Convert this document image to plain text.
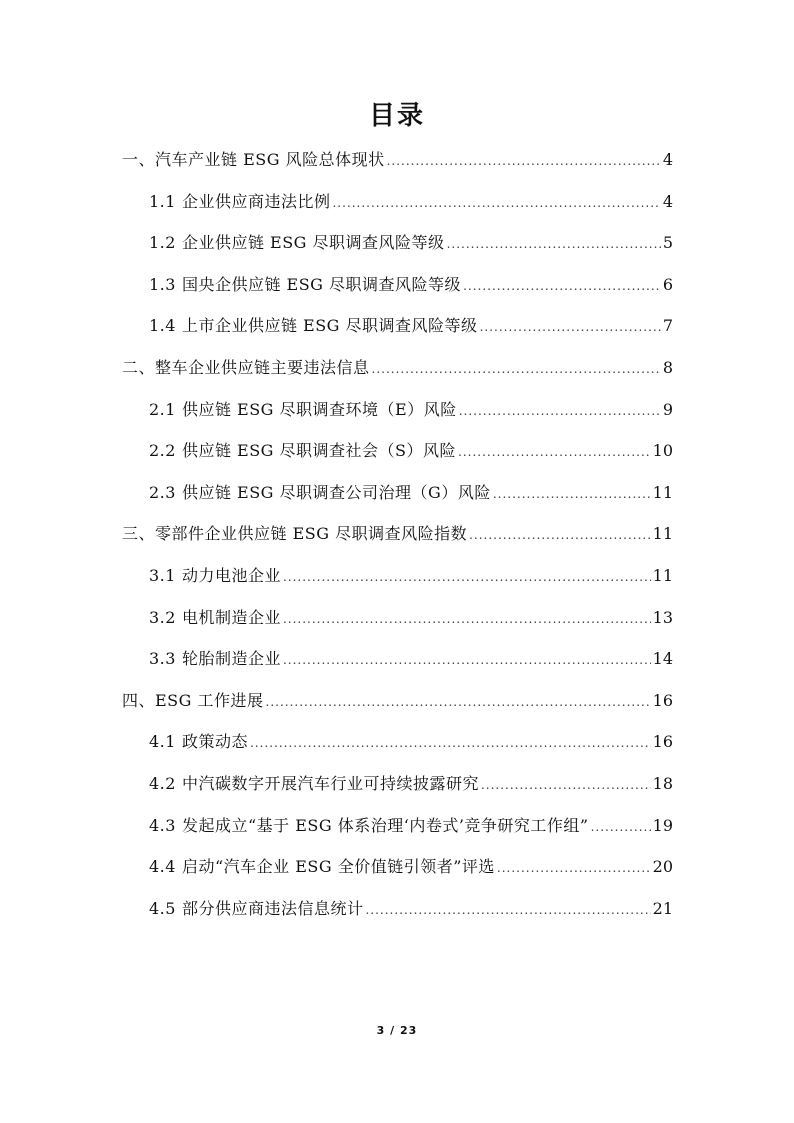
目录
一、汽车产业链 ESG 风险总体现状 .....	4
1.1 企业供应商违法比例 .....	4
1.2 企业供应链 ESG 尽职调查风险等级 .....	5
1.3 国央企供应链 ESG 尽职调查风险等级 .....	6
1.4 上市企业供应链 ESG 尽职调查风险等级 .....	7
二、整车企业供应链主要违法信息 .....	8
2.1 供应链 ESG 尽职调查环境（E）风险 .....	9
2.2 供应链 ESG 尽职调查社会（S）风险 .....	10
2.3 供应链 ESG 尽职调查公司治理（G）风险 .....	11
三、零部件企业供应链 ESG 尽职调查风险指数 .....	11
3.1 动力电池企业 .....	11
3.2 电机制造企业 .....	13
3.3 轮胎制造企业 .....	14
四、ESG 工作进展 .....	16
4.1 政策动态 .....	16
4.2 中汽碳数字开展汽车行业可持续披露研究 .....	18
4.3 发起成立“基于 ESG 体系治理‘内卷式’竞争研究工作组” .....	19
4.4 启动“汽车企业 ESG 全价值链引领者”评选 .....	20
4.5 部分供应商违法信息统计 .....	21
3 / 23
